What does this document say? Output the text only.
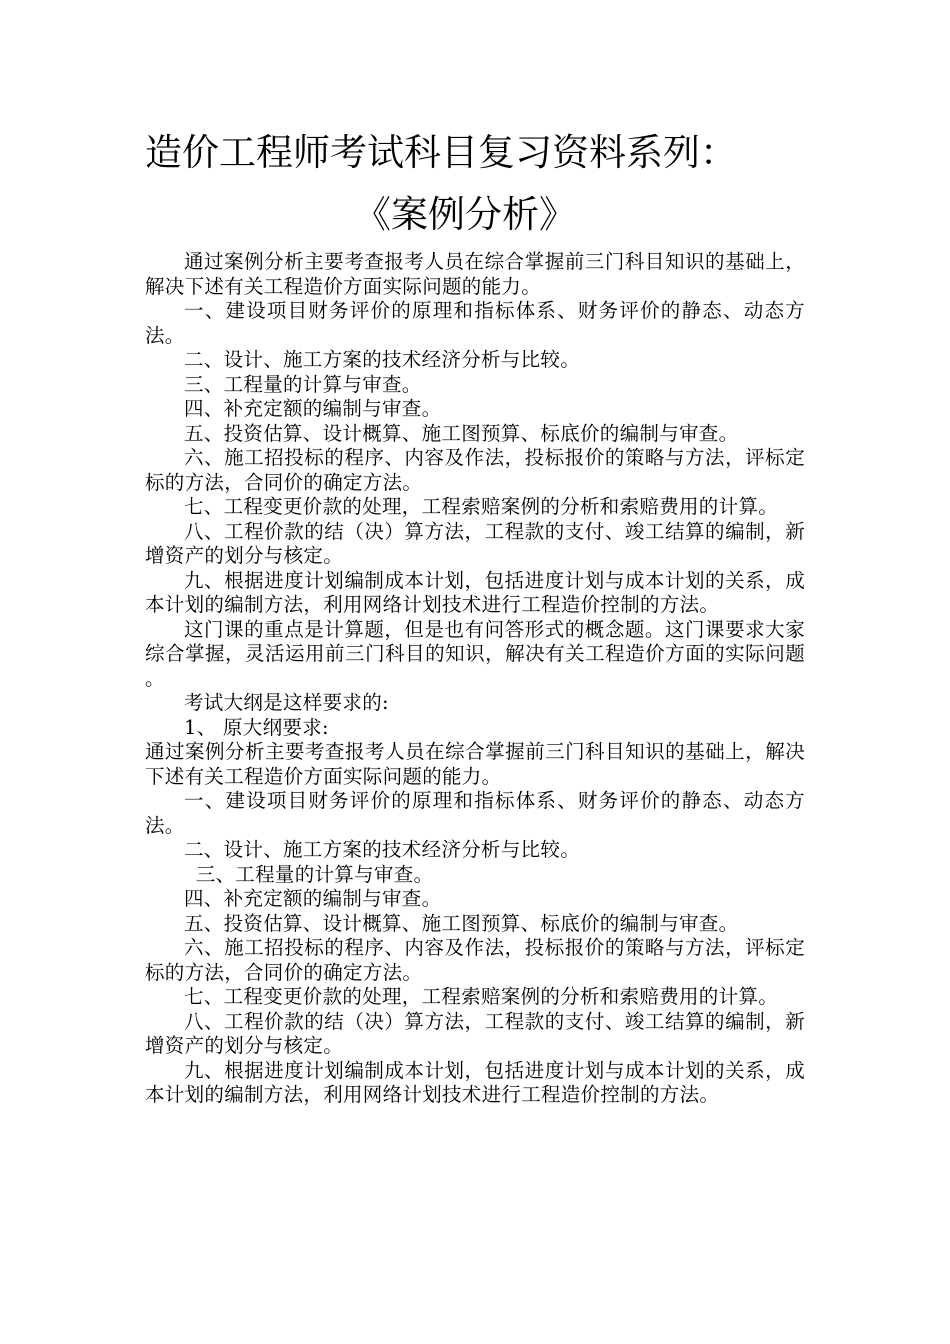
造价工程师考试科目复习资料系列：
《案例分析》

通过案例分析主要考查报考人员在综合掌握前三门科目知识的基础上，解决下述有关工程造价方面实际问题的能力。

一、建设项目财务评价的原理和指标体系、财务评价的静态、动态方法。

二、设计、施工方案的技术经济分析与比较。

三、工程量的计算与审查。

四、补充定额的编制与审查。

五、投资估算、设计概算、施工图预算、标底价的编制与审查。

六、施工招投标的程序、内容及作法，投标报价的策略与方法，评标定标的方法，合同价的确定方法。

七、工程变更价款的处理，工程索赔案例的分析和索赔费用的计算。

八、工程价款的结（决）算方法，工程款的支付、竣工结算的编制，新增资产的划分与核定。

九、根据进度计划编制成本计划，包括进度计划与成本计划的关系，成本计划的编制方法，利用网络计划技术进行工程造价控制的方法。

这门课的重点是计算题，但是也有问答形式的概念题。这门课要求大家综合掌握，灵活运用前三门科目的知识，解决有关工程造价方面的实际问题 。

考试大纲是这样要求的:

1、 原大纲要求:

通过案例分析主要考查报考人员在综合掌握前三门科目知识的基础上，解决下述有关工程造价方面实际问题的能力。

一、建设项目财务评价的原理和指标体系、财务评价的静态、动态方法。

二、设计、施工方案的技术经济分析与比较。

三、工程量的计算与审查。

四、补充定额的编制与审查。

五、投资估算、设计概算、施工图预算、标底价的编制与审查。

六、施工招投标的程序、内容及作法，投标报价的策略与方法，评标定标的方法，合同价的确定方法。

七、工程变更价款的处理，工程索赔案例的分析和索赔费用的计算。

八、工程价款的结（决）算方法，工程款的支付、竣工结算的编制，新增资产的划分与核定。

九、根据进度计划编制成本计划，包括进度计划与成本计划的关系，成本计划的编制方法，利用网络计划技术进行工程造价控制的方法。
